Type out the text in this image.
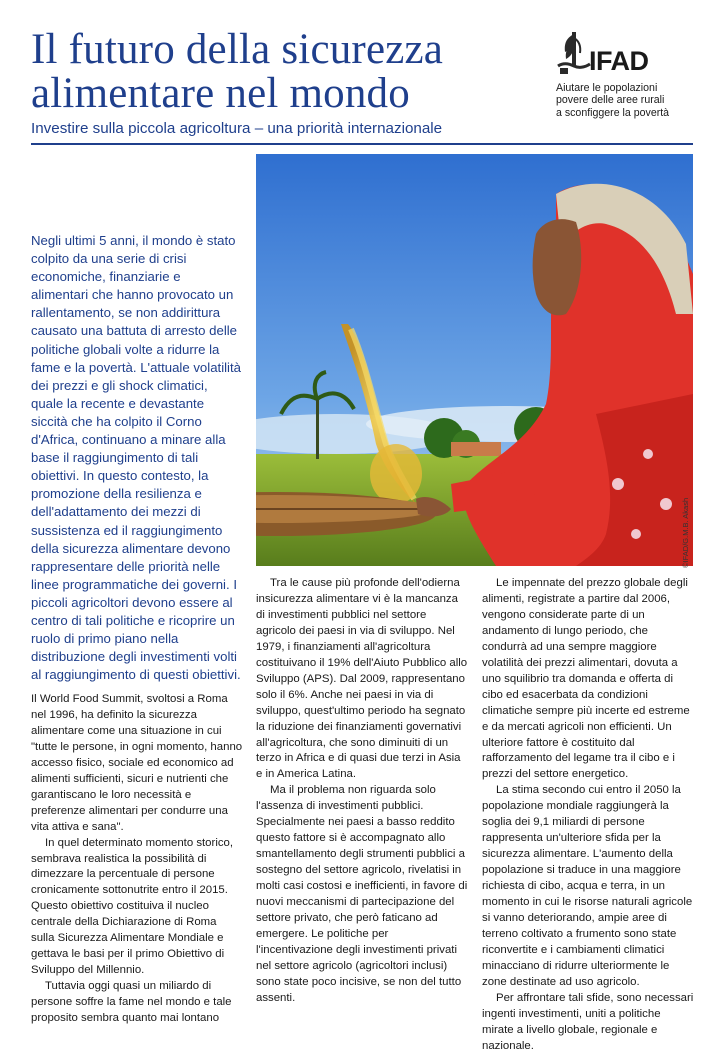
Il futuro della sicurezza
alimentare nel mondo
IFAD
Aiutare le popolazioni
povere delle aree rurali
a sconfiggere la povertà
Investire sulla piccola agricoltura – una priorità internazionale
©IFAD/G.M.B. Akash

Negli ultimi 5 anni, il mondo è stato colpito da una serie di crisi economiche, finanziarie e alimentari che hanno provocato un rallentamento, se non addirittura causato una battuta di arresto delle politiche globali volte a ridurre la fame e la povertà. L'attuale volatilità dei prezzi e gli shock climatici, quale la recente e devastante siccità che ha colpito il Corno d'Africa, continuano a minare alla base il raggiungimento di tali obiettivi. In questo contesto, la promozione della resilienza e dell'adattamento dei mezzi di sussistenza ed il raggiungimento della sicurezza alimentare devono rappresentare delle priorità nelle linee programmatiche dei governi. I piccoli agricoltori devono essere al centro di tali politiche e ricoprire un ruolo di primo piano nella distribuzione degli investimenti volti al raggiungimento di questi obiettivi.

Il World Food Summit, svoltosi a Roma nel 1996, ha definito la sicurezza alimentare come una situazione in cui "tutte le persone, in ogni momento, hanno accesso fisico, sociale ed economico ad alimenti sufficienti, sicuri e nutrienti che garantiscano le loro necessità e preferenze alimentari per condurre una vita attiva e sana".

In quel determinato momento storico, sembrava realistica la possibilità di dimezzare la percentuale di persone cronicamente sottonutrite entro il 2015. Questo obiettivo costituiva il nucleo centrale della Dichiarazione di Roma sulla Sicurezza Alimentare Mondiale e gettava le basi per il primo Obiettivo di Sviluppo del Millennio.

Tuttavia oggi quasi un miliardo di persone soffre la fame nel mondo e tale proposito sembra quanto mai lontano

Tra le cause più profonde dell'odierna insicurezza alimentare vi è la mancanza di investimenti pubblici nel settore agricolo dei paesi in via di sviluppo. Nel 1979, i finanziamenti all'agricoltura costituivano il 19% dell'Aiuto Pubblico allo Sviluppo (APS). Dal 2009, rappresentano solo il 6%. Anche nei paesi in via di sviluppo, quest'ultimo periodo ha segnato la riduzione dei finanziamenti governativi all'agricoltura, che sono diminuiti di un terzo in Africa e di quasi due terzi in Asia e in America Latina.

Ma il problema non riguarda solo l'assenza di investimenti pubblici. Specialmente nei paesi a basso reddito questo fattore si è accompagnato allo smantellamento degli strumenti pubblici a sostegno del settore agricolo, rivelatisi in molti casi costosi e inefficienti, in favore di nuovi meccanismi di partecipazione del settore privato, che però faticano ad emergere. Le politiche per l'incentivazione degli investimenti privati nel settore agricolo (agricoltori inclusi) sono state poco incisive, se non del tutto assenti.

Le impennate del prezzo globale degli alimenti, registrate a partire dal 2006, vengono considerate parte di un andamento di lungo periodo, che condurrà ad una sempre maggiore volatilità dei prezzi alimentari, dovuta a uno squilibrio tra domanda e offerta di cibo ed esacerbata da condizioni climatiche sempre più incerte ed estreme e da mercati agricoli non efficienti. Un ulteriore fattore è costituito dal rafforzamento del legame tra il cibo e i prezzi del settore energetico.

La stima secondo cui entro il 2050 la popolazione mondiale raggiungerà la soglia dei 9,1 miliardi di persone rappresenta un'ulteriore sfida per la sicurezza alimentare. L'aumento della popolazione si traduce in una maggiore richiesta di cibo, acqua e terra, in un momento in cui le risorse naturali agricole si vanno deteriorando, ampie aree di terreno coltivato a frumento sono state riconvertite e i cambiamenti climatici minacciano di ridurre ulteriormente le zone destinate ad uso agricolo.

Per affrontare tali sfide, sono necessari ingenti investimenti, uniti a politiche mirate a livello globale, regionale e nazionale.
